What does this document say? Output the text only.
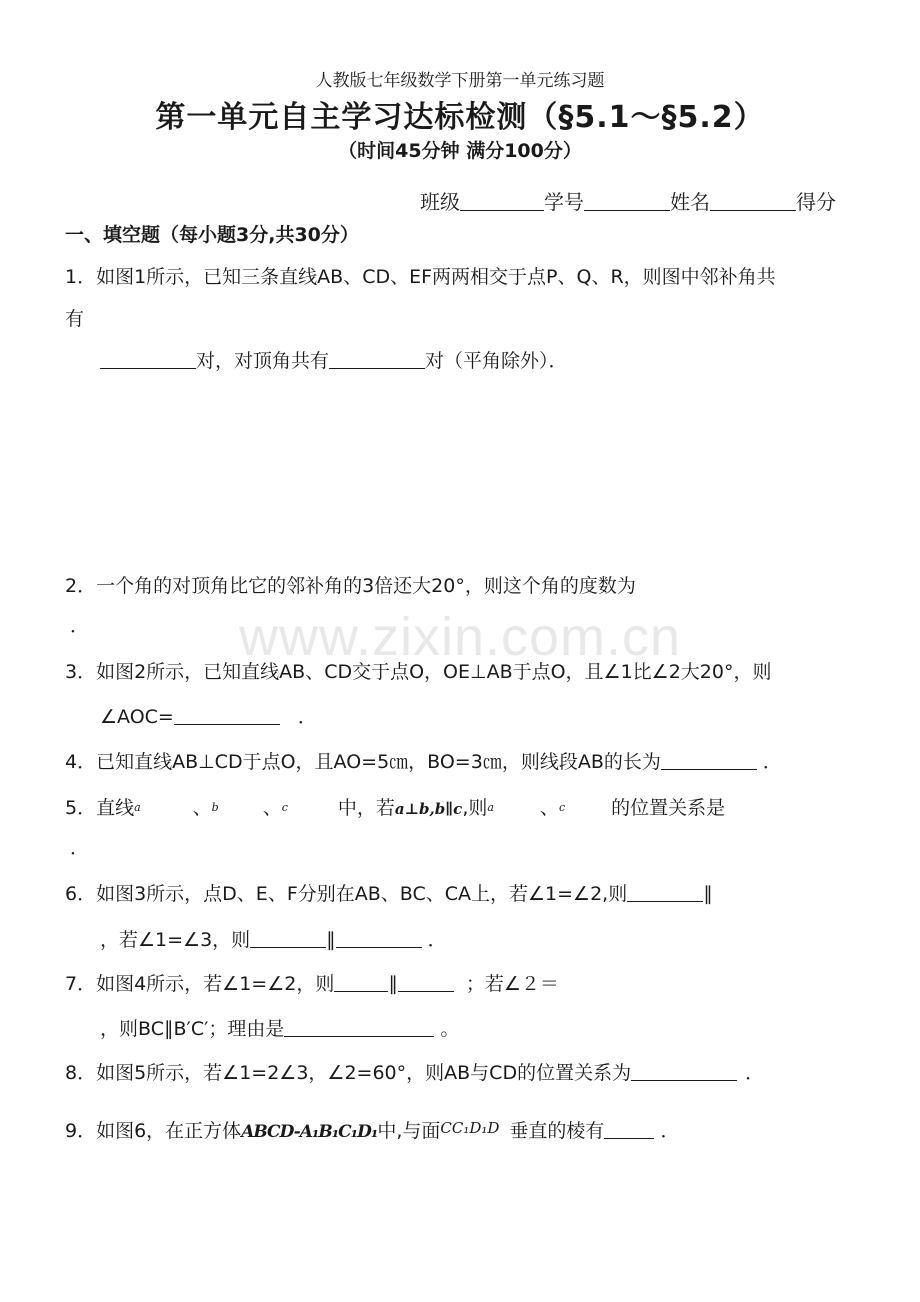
人教版七年级数学下册第一单元练习题
第一单元自主学习达标检测（§5.1～§5.2）
（时间45分钟 满分100分）
班级	学号	姓名	得分
一、填空题（每小题3分,共30分）
1．如图1所示，已知三条直线AB、CD、EF两两相交于点P、Q、R，则图中邻补角共
有
对，对顶角共有	对（平角除外）．
2．一个角的对顶角比它的邻补角的3倍还大20°，则这个角的度数为
．
3．如图2所示，已知直线AB、CD交于点O，OE⊥AB于点O，且∠1比∠2大20°，则
∠AOC=	．
4．已知直线AB⊥CD于点O，且AO=5㎝，BO=3㎝，则线段AB的长为	．
5．直线a	、b 、c	中，若a⊥b,b∥c,则a 、c 的位置关系是
．
6．如图3所示，点D、E、F分别在AB、BC、CA上，若∠1=∠2,则	∥
，若∠1=∠3，则	∥	．
7．如图4所示，若∠1=∠2，则	∥	；若∠２＝
，则BC∥B′C′；理由是	。
8．如图5所示，若∠1=2∠3，∠2=60°，则AB与CD的位置关系为	．
9．如图6，在正方体ABCD-A₁B₁C₁D₁中,与面$^{CC_1D_1D}$ 垂直的棱有	．
www.zixin.com.cn
